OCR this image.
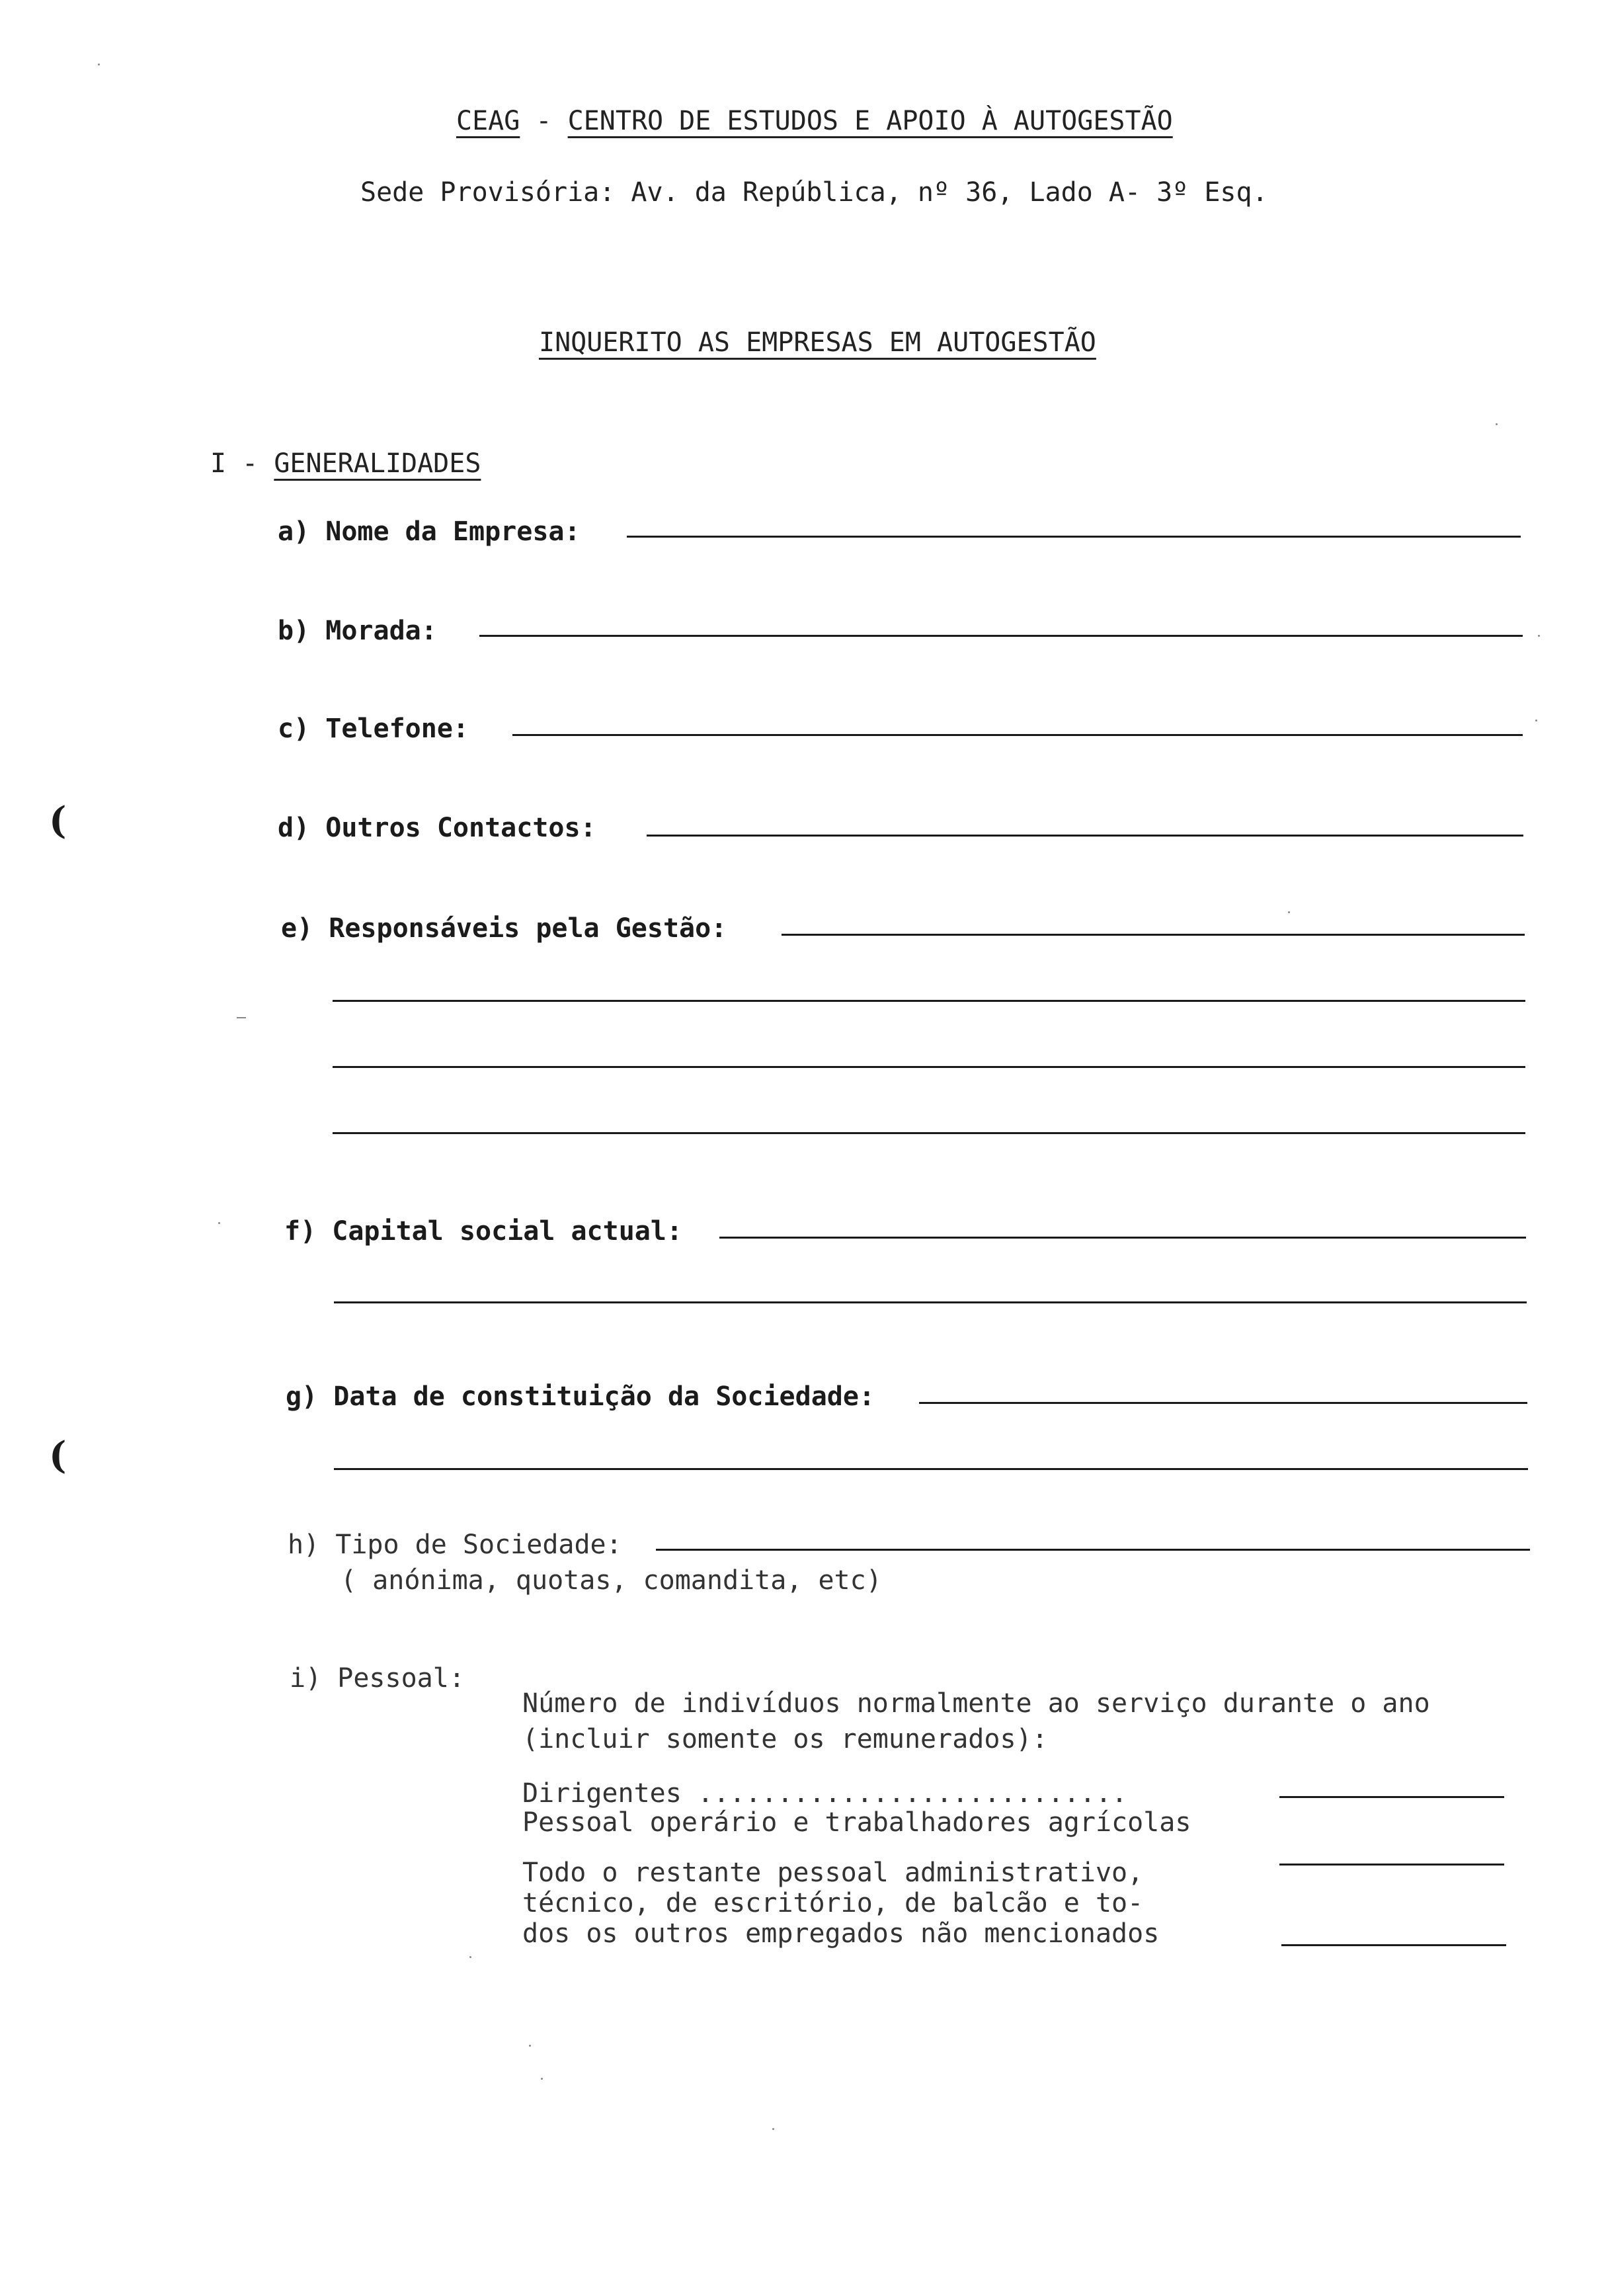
CEAG - CENTRO DE ESTUDOS E APOIO À AUTOGESTÃO
Sede Provisória: Av. da República, nº 36, Lado A- 3º Esq.
INQUERITO AS EMPRESAS EM AUTOGESTÃO
I - GENERALIDADES
a) Nome da Empresa:
b) Morada:
c) Telefone:
d) Outros Contactos:
e) Responsáveis pela Gestão:
f) Capital social actual:
g) Data de constituição da Sociedade:
h) Tipo de Sociedade:
( anónima, quotas, comandita, etc)
i) Pessoal:
Número de indivíduos normalmente ao serviço durante o ano
(incluir somente os remunerados):
Dirigentes ...........................
Pessoal operário e trabalhadores agrícolas
Todo o restante pessoal administrativo,
técnico, de escritório, de balcão e to-
dos os outros empregados não mencionados
(
(
